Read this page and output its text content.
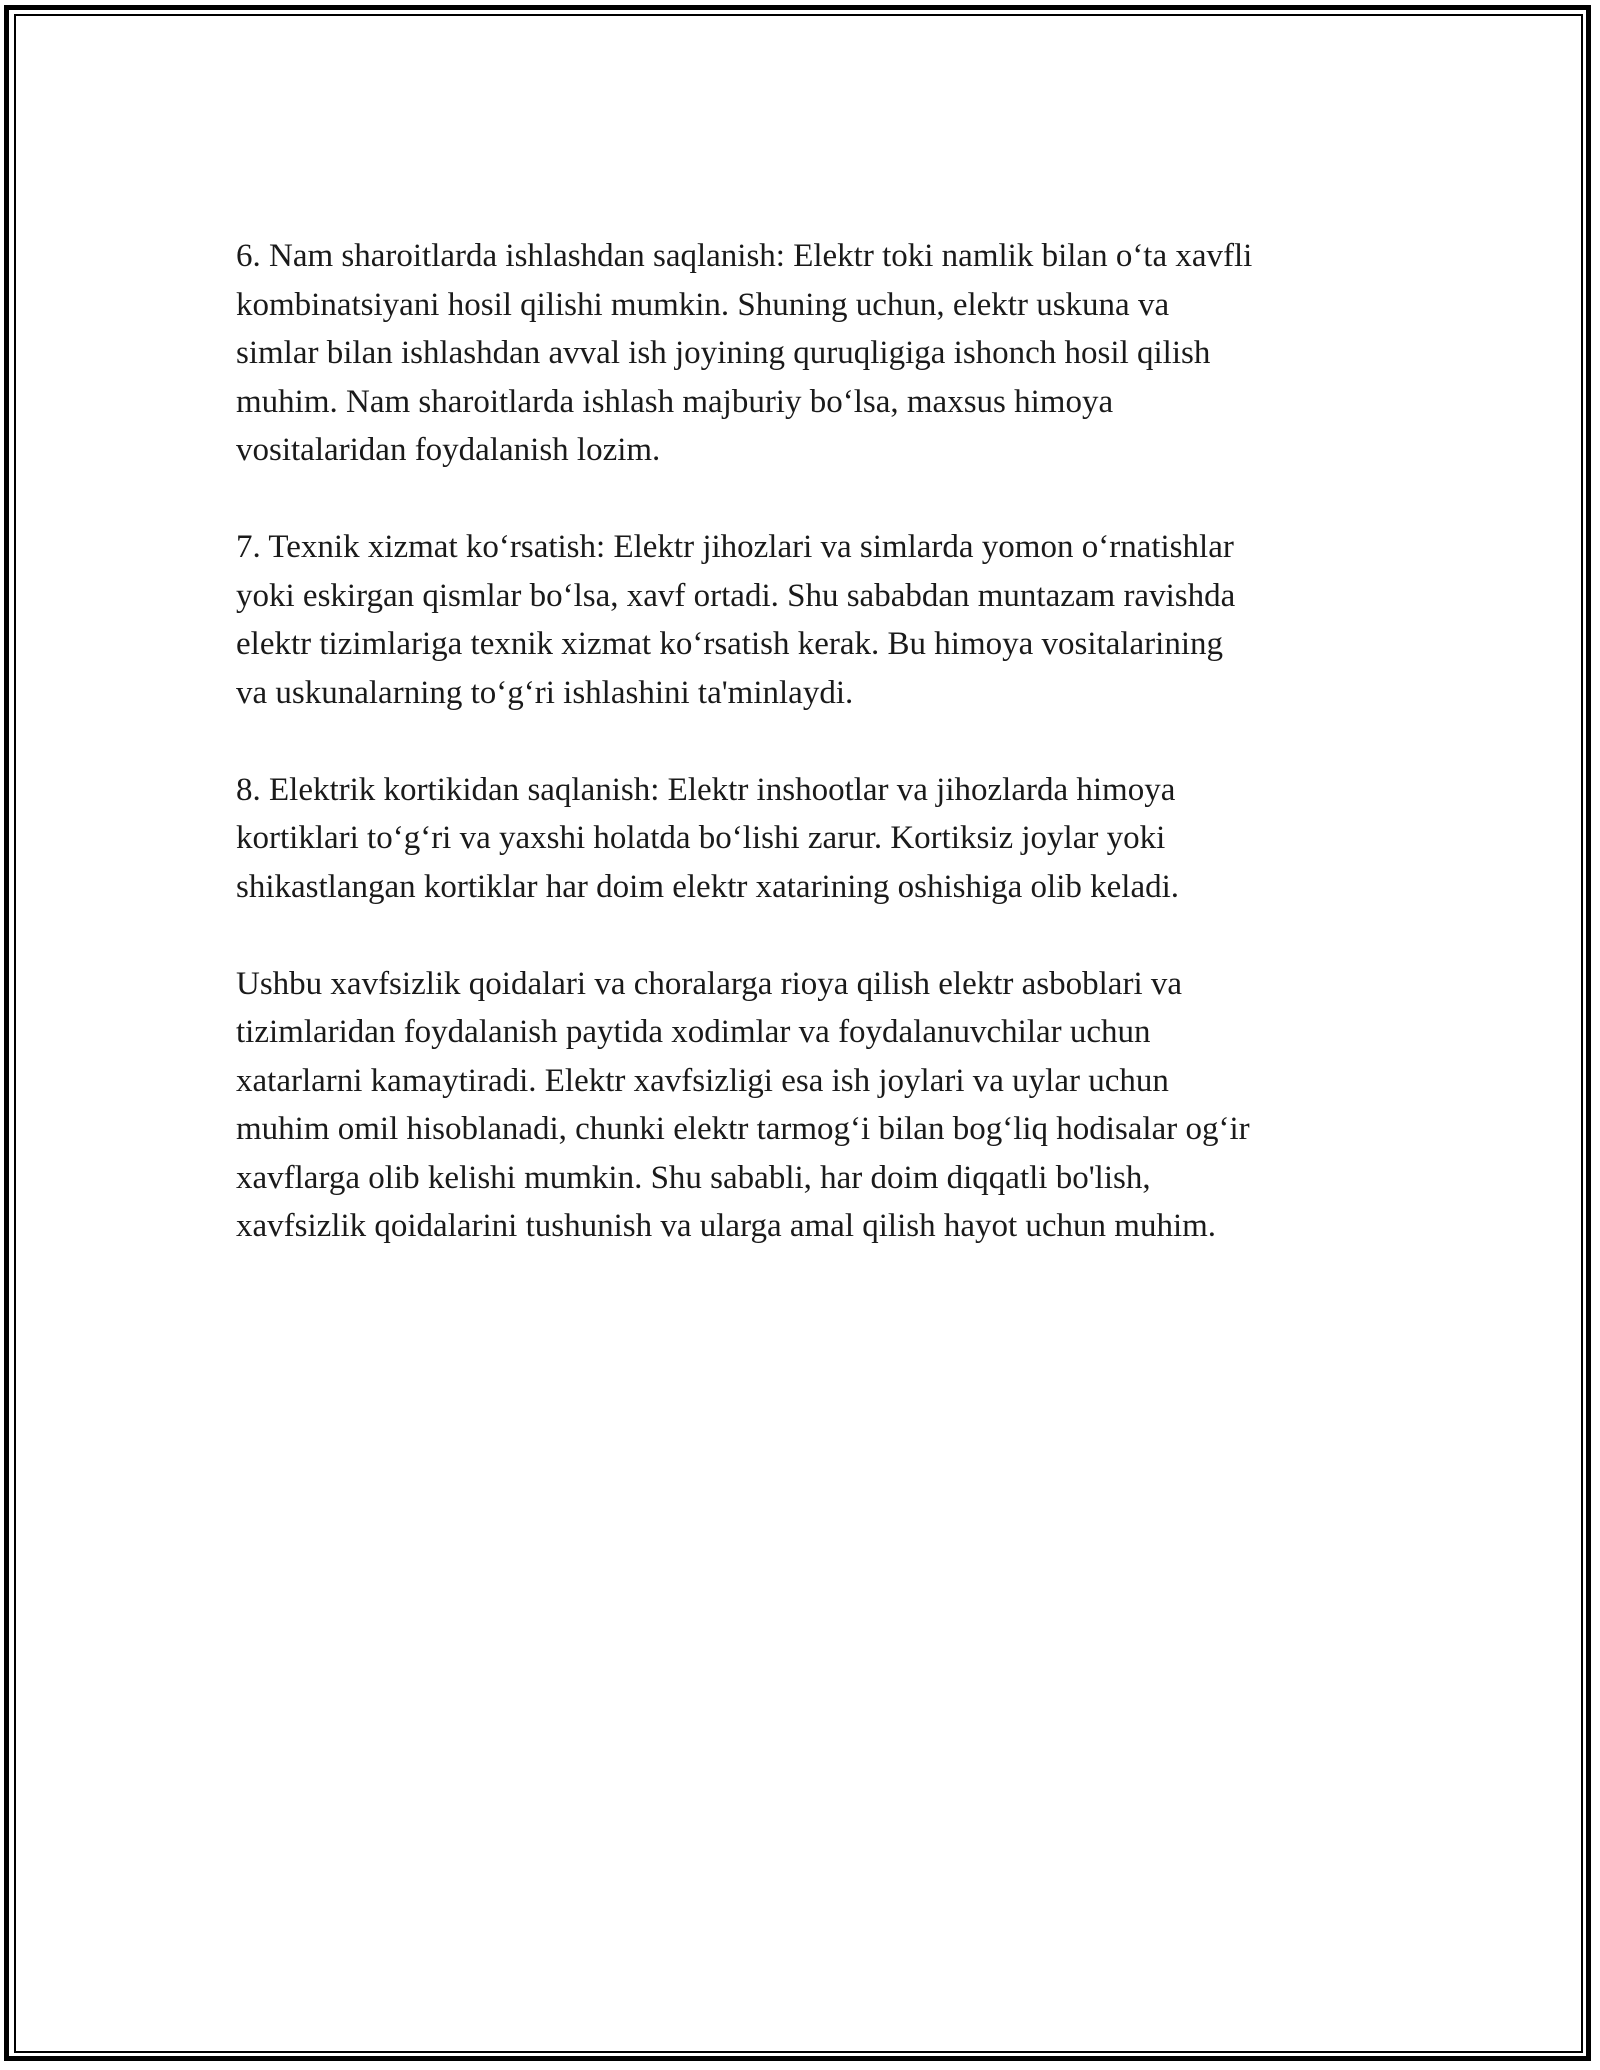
6. Nam sharoitlarda ishlashdan saqlanish: Elektr toki namlik bilan o‘ta xavfli
kombinatsiyani hosil qilishi mumkin. Shuning uchun, elektr uskuna va
simlar bilan ishlashdan avval ish joyining quruqligiga ishonch hosil qilish
muhim. Nam sharoitlarda ishlash majburiy bo‘lsa, maxsus himoya
vositalaridan foydalanish lozim.

7. Texnik xizmat ko‘rsatish: Elektr jihozlari va simlarda yomon o‘rnatishlar
yoki eskirgan qismlar bo‘lsa, xavf ortadi. Shu sababdan muntazam ravishda
elektr tizimlariga texnik xizmat ko‘rsatish kerak. Bu himoya vositalarining
va uskunalarning to‘g‘ri ishlashini ta'minlaydi.

8. Elektrik kortikidan saqlanish: Elektr inshootlar va jihozlarda himoya
kortiklari to‘g‘ri va yaxshi holatda bo‘lishi zarur. Kortiksiz joylar yoki
shikastlangan kortiklar har doim elektr xatarining oshishiga olib keladi.

Ushbu xavfsizlik qoidalari va choralarga rioya qilish elektr asboblari va
tizimlaridan foydalanish paytida xodimlar va foydalanuvchilar uchun
xatarlarni kamaytiradi. Elektr xavfsizligi esa ish joylari va uylar uchun
muhim omil hisoblanadi, chunki elektr tarmog‘i bilan bog‘liq hodisalar og‘ir
xavflarga olib kelishi mumkin. Shu sababli, har doim diqqatli bo'lish,
xavfsizlik qoidalarini tushunish va ularga amal qilish hayot uchun muhim.
